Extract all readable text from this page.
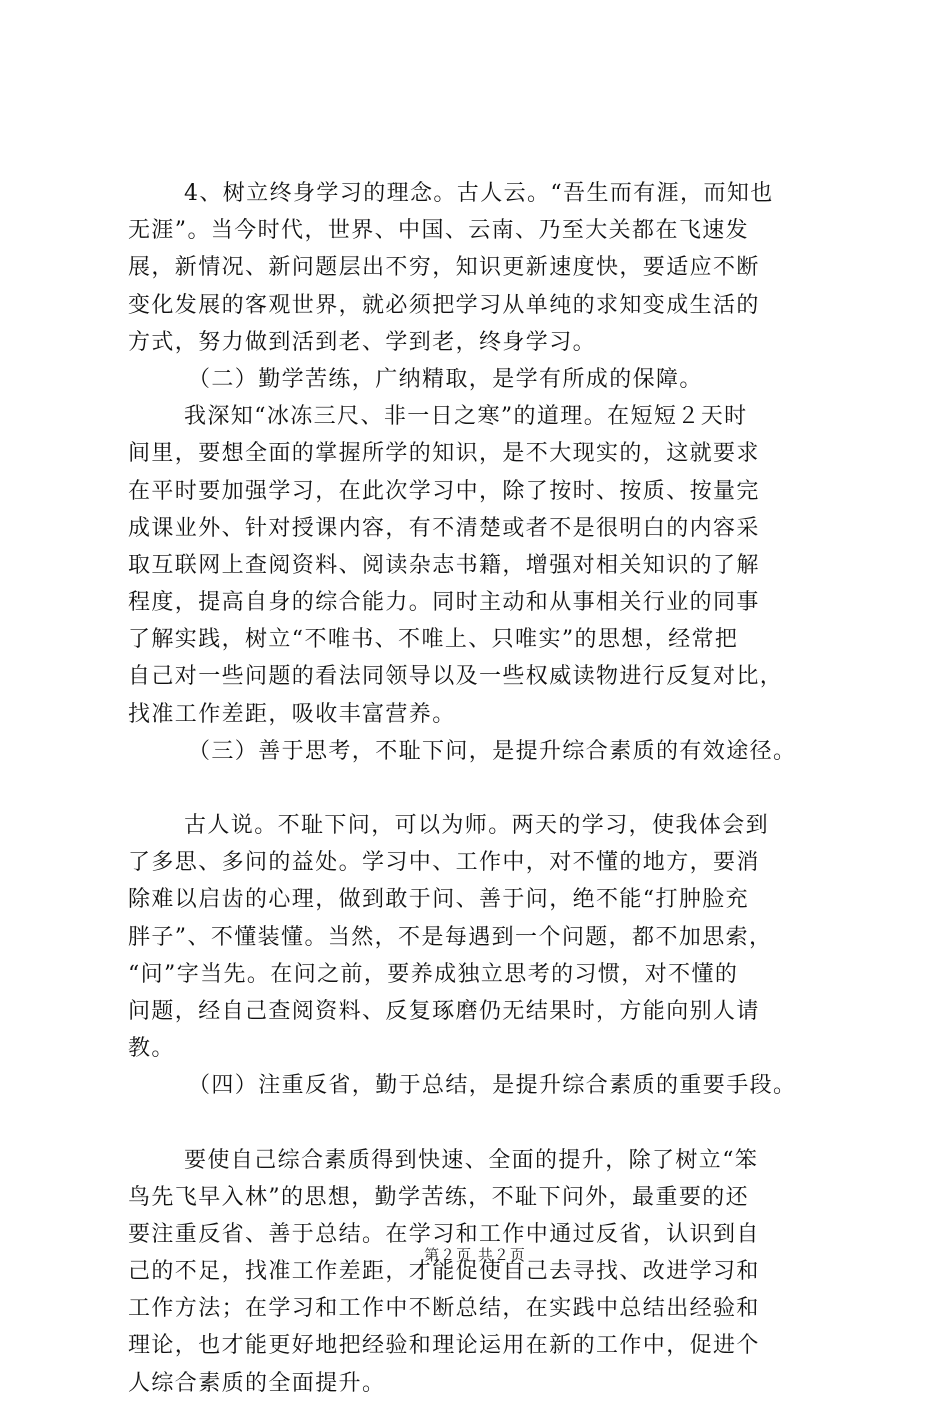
4、树立终身学习的理念。古人云。“吾生而有涯，而知也
无涯”。当今时代，世界、中国、云南、乃至大关都在飞速发
展，新情况、新问题层出不穷，知识更新速度快，要适应不断
变化发展的客观世界，就必须把学习从单纯的求知变成生活的
方式，努力做到活到老、学到老，终身学习。
（二）勤学苦练，广纳精取，是学有所成的保障。
我深知“冰冻三尺、非一日之寒”的道理。在短短２天时
间里，要想全面的掌握所学的知识，是不大现实的，这就要求
在平时要加强学习，在此次学习中，除了按时、按质、按量完
成课业外、针对授课内容，有不清楚或者不是很明白的内容采
取互联网上查阅资料、阅读杂志书籍，增强对相关知识的了解
程度，提高自身的综合能力。同时主动和从事相关行业的同事
了解实践，树立“不唯书、不唯上、只唯实”的思想，经常把
自己对一些问题的看法同领导以及一些权威读物进行反复对比，
找准工作差距，吸收丰富营养。
（三）善于思考，不耻下问，是提升综合素质的有效途径。
古人说。不耻下问，可以为师。两天的学习，使我体会到
了多思、多问的益处。学习中、工作中，对不懂的地方，要消
除难以启齿的心理，做到敢于问、善于问，绝不能“打肿脸充
胖子”、不懂装懂。当然，不是每遇到一个问题，都不加思索，
“问”字当先。在问之前，要养成独立思考的习惯，对不懂的
问题，经自己查阅资料、反复琢磨仍无结果时，方能向别人请
教。
（四）注重反省，勤于总结，是提升综合素质的重要手段。
要使自己综合素质得到快速、全面的提升，除了树立“笨
鸟先飞早入林”的思想，勤学苦练，不耻下问外，最重要的还
要注重反省、善于总结。在学习和工作中通过反省，认识到自
己的不足，找准工作差距，才能促使自己去寻找、改进学习和
工作方法；在学习和工作中不断总结，在实践中总结出经验和
理论，也才能更好地把经验和理论运用在新的工作中，促进个
人综合素质的全面提升。
第２页 共２页
